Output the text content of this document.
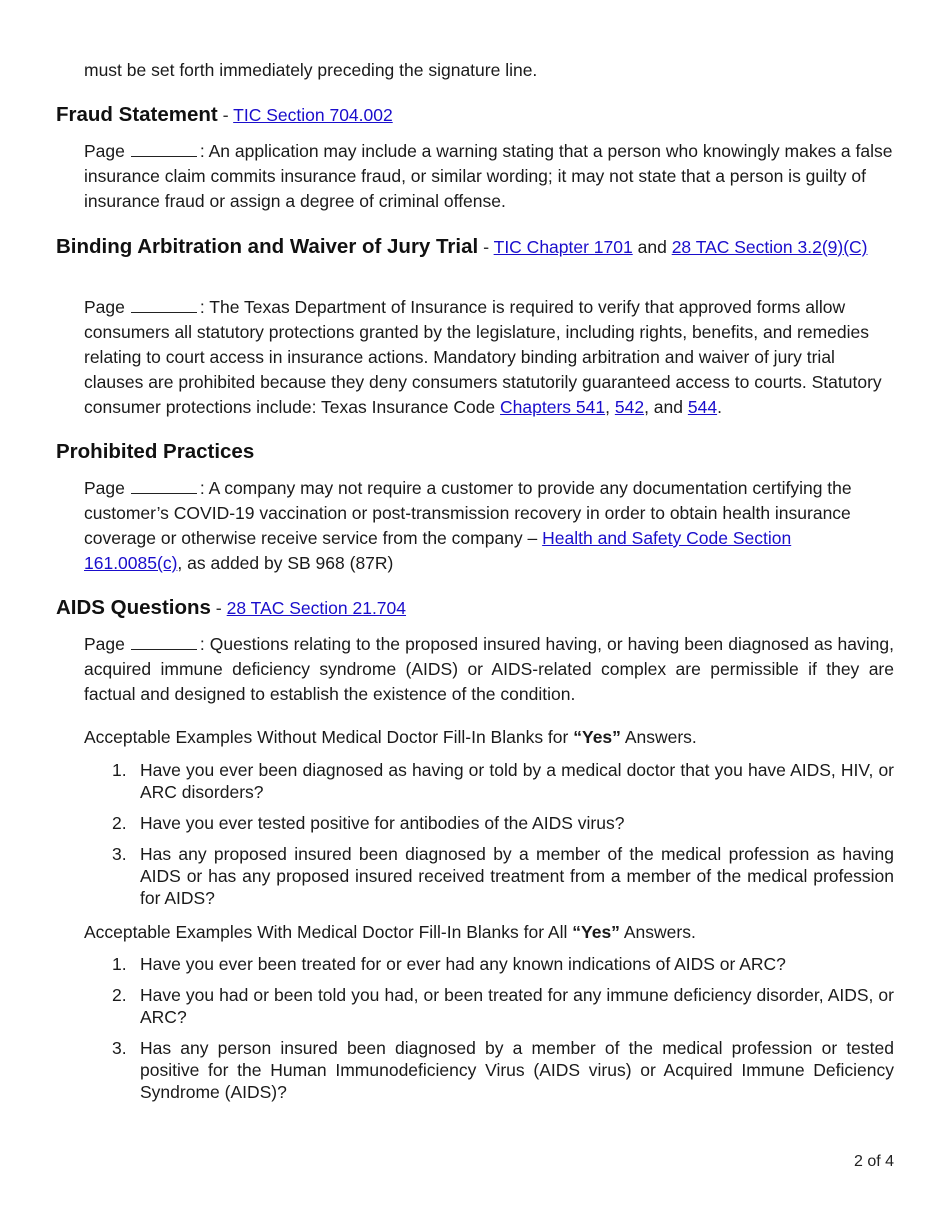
must be set forth immediately preceding the signature line.

Fraud Statement - TIC Section 704.002

Page	: An application may include a warning stating that a person who knowingly makes a false insurance claim commits insurance fraud, or similar wording; it may not state that a person is guilty of insurance fraud or assign a degree of criminal offense.

Binding Arbitration and Waiver of Jury Trial - TIC Chapter 1701 and 28 TAC Section 3.2(9)(C)

Page	: The Texas Department of Insurance is required to verify that approved forms allow consumers all statutory protections granted by the legislature, including rights, benefits, and remedies relating to court access in insurance actions. Mandatory binding arbitration and waiver of jury trial clauses are prohibited because they deny consumers statutorily guaranteed access to courts. Statutory consumer protections include: Texas Insurance Code Chapters 541, 542, and 544.

Prohibited Practices

Page	: A company may not require a customer to provide any documentation certifying the customer’s COVID-19 vaccination or post-transmission recovery in order to obtain health insurance coverage or otherwise receive service from the company – Health and Safety Code Section 161.0085(c), as added by SB 968 (87R)

AIDS Questions - 28 TAC Section 21.704

Page	: Questions relating to the proposed insured having, or having been diagnosed as having, acquired immune deficiency syndrome (AIDS) or AIDS-related complex are permissible if they are factual and designed to establish the existence of the condition.

Acceptable Examples Without Medical Doctor Fill-In Blanks for “Yes” Answers.

1. Have you ever been diagnosed as having or told by a medical doctor that you have AIDS, HIV, or ARC disorders?
2. Have you ever tested positive for antibodies of the AIDS virus?
3. Has any proposed insured been diagnosed by a member of the medical profession as having AIDS or has any proposed insured received treatment from a member of the medical profession for AIDS?

Acceptable Examples With Medical Doctor Fill-In Blanks for All “Yes” Answers.

1. Have you ever been treated for or ever had any known indications of AIDS or ARC?
2. Have you had or been told you had, or been treated for any immune deficiency disorder, AIDS, or ARC?
3. Has any person insured been diagnosed by a member of the medical profession or tested positive for the Human Immunodeficiency Virus (AIDS virus) or Acquired Immune Deficiency Syndrome (AIDS)?
2 of 4
